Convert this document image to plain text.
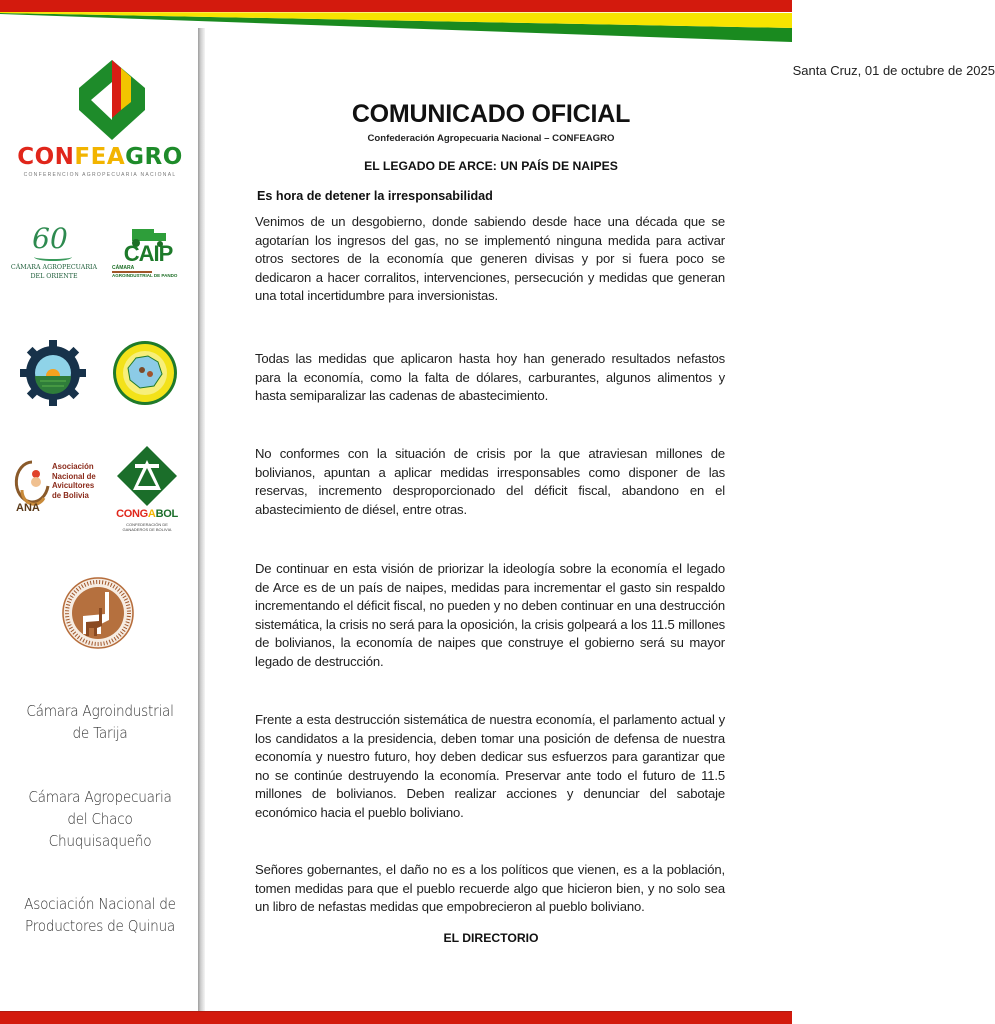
CONFEAGRO
CONFERENCION AGROPECUARIA NACIONAL
60
CÁMARA AGROPECUARIA
DEL ORIENTE
CAIP
CÁMARA
AGROINDUSTRIAL DE PANDO
ANA
Asociación
Nacional de
Avicultores
de Bolivia
CONGABOL
CONFEDERACIÓN DE
GANADEROS DE BOLIVIA
Cámara Agroindustrial
de Tarija
Cámara Agropecuaria
del Chaco
Chuquisaqueño
Asociación Nacional de
Productores de Quinua
Santa Cruz, 01 de octubre de 2025
COMUNICADO OFICIAL
Confederación Agropecuaria Nacional – CONFEAGRO
EL LEGADO DE ARCE: UN PAÍS DE NAIPES
Es hora de detener la irresponsabilidad

Venimos de un desgobierno, donde sabiendo desde hace una década que se agotarían los ingresos del gas, no se implementó ninguna medida para activar otros sectores de la economía que generen divisas y por si fuera poco se dedicaron a hacer corralitos, intervenciones, persecución y medidas que generan una total incertidumbre para inversionistas.

Todas las medidas que aplicaron hasta hoy han generado resultados nefastos para la economía, como la falta de dólares, carburantes, algunos alimentos y hasta semiparalizar las cadenas de abastecimiento.

No conformes con la situación de crisis por la que atraviesan millones de bolivianos, apuntan a aplicar medidas irresponsables como disponer de las reservas, incremento desproporcionado del déficit fiscal, abandono en el abastecimiento de diésel, entre otras.

De continuar en esta visión de priorizar la ideología sobre la economía el legado de Arce es de un país de naipes, medidas para incrementar el gasto sin respaldo incrementando el déficit fiscal, no pueden y no deben continuar en una destrucción sistemática, la crisis no será para la oposición, la crisis golpeará a los 11.5 millones de bolivianos, la economía de naipes que construye el gobierno será su mayor legado de destrucción.

Frente a esta destrucción sistemática de nuestra economía, el parlamento actual y los candidatos a la presidencia, deben tomar una posición de defensa de nuestra economía y nuestro futuro, hoy deben dedicar sus esfuerzos para garantizar que no se continúe destruyendo la economía. Preservar ante todo el futuro de 11.5 millones de bolivianos. Deben realizar acciones y denunciar del sabotaje económico hacia el pueblo boliviano.

Señores gobernantes, el daño no es a los políticos que vienen, es a la población, tomen medidas para que el pueblo recuerde algo que hicieron bien, y no solo sea un libro de nefastas medidas que empobrecieron al pueblo boliviano.

EL DIRECTORIO
